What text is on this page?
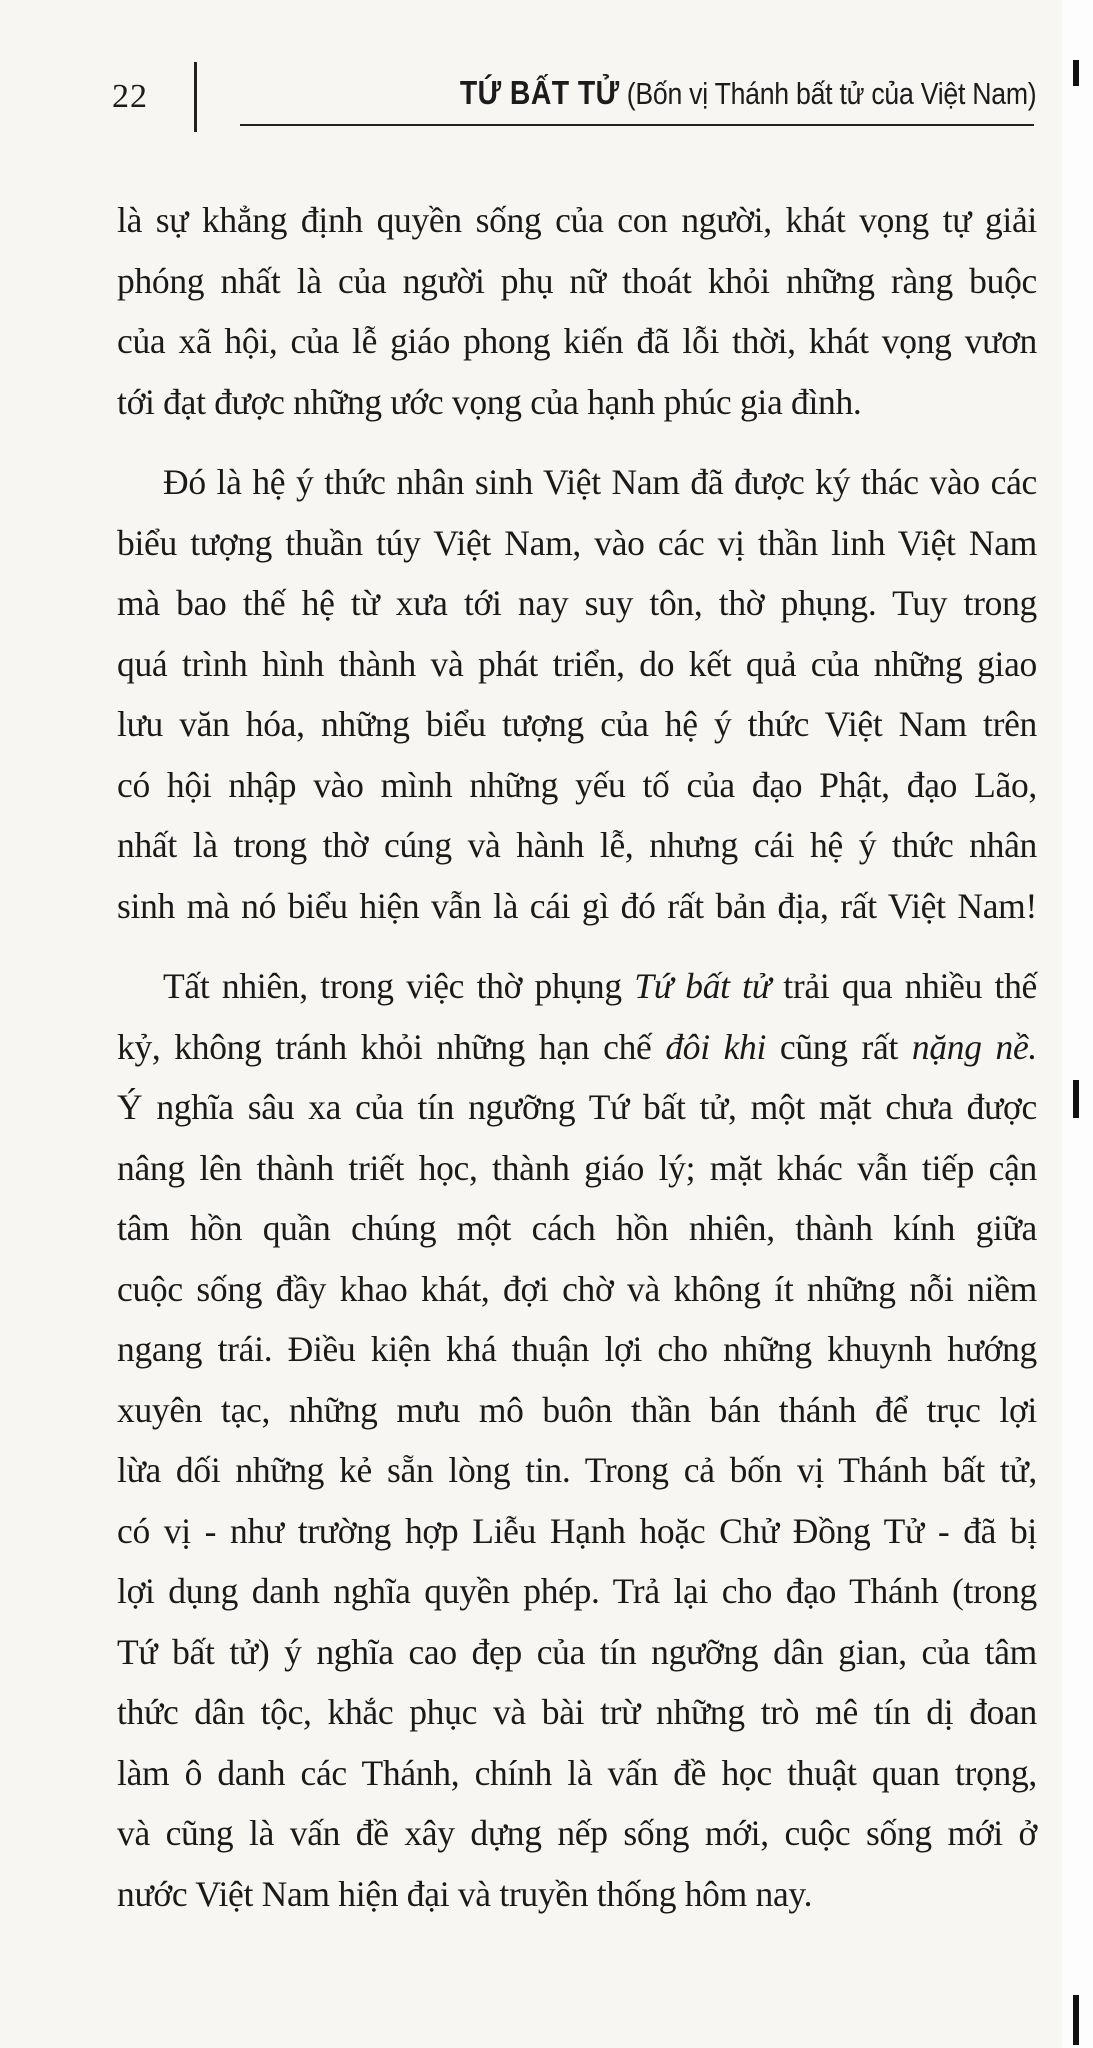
22	TỨ BẤT TỬ (Bốn vị Thánh bất tử của Việt Nam)

là sự khẳng định quyền sống của con người, khát vọng tự giải
phóng nhất là của người phụ nữ thoát khỏi những ràng buộc
của xã hội, của lễ giáo phong kiến đã lỗi thời, khát vọng vươn
tới đạt được những ước vọng của hạnh phúc gia đình.

Đó là hệ ý thức nhân sinh Việt Nam đã được ký thác vào các
biểu tượng thuần túy Việt Nam, vào các vị thần linh Việt Nam
mà bao thế hệ từ xưa tới nay suy tôn, thờ phụng. Tuy trong
quá trình hình thành và phát triển, do kết quả của những giao
lưu văn hóa, những biểu tượng của hệ ý thức Việt Nam trên
có hội nhập vào mình những yếu tố của đạo Phật, đạo Lão,
nhất là trong thờ cúng và hành lễ, nhưng cái hệ ý thức nhân
sinh mà nó biểu hiện vẫn là cái gì đó rất bản địa, rất Việt Nam!

Tất nhiên, trong việc thờ phụng Tứ bất tử trải qua nhiều thế
kỷ, không tránh khỏi những hạn chế đôi khi cũng rất nặng nề.
Ý nghĩa sâu xa của tín ngưỡng Tứ bất tử, một mặt chưa được
nâng lên thành triết học, thành giáo lý; mặt khác vẫn tiếp cận
tâm hồn quần chúng một cách hồn nhiên, thành kính giữa
cuộc sống đầy khao khát, đợi chờ và không ít những nỗi niềm
ngang trái. Điều kiện khá thuận lợi cho những khuynh hướng
xuyên tạc, những mưu mô buôn thần bán thánh để trục lợi
lừa dối những kẻ sẵn lòng tin. Trong cả bốn vị Thánh bất tử,
có vị - như trường hợp Liễu Hạnh hoặc Chử Đồng Tử - đã bị
lợi dụng danh nghĩa quyền phép. Trả lại cho đạo Thánh (trong
Tứ bất tử) ý nghĩa cao đẹp của tín ngưỡng dân gian, của tâm
thức dân tộc, khắc phục và bài trừ những trò mê tín dị đoan
làm ô danh các Thánh, chính là vấn đề học thuật quan trọng,
và cũng là vấn đề xây dựng nếp sống mới, cuộc sống mới ở
nước Việt Nam hiện đại và truyền thống hôm nay.
